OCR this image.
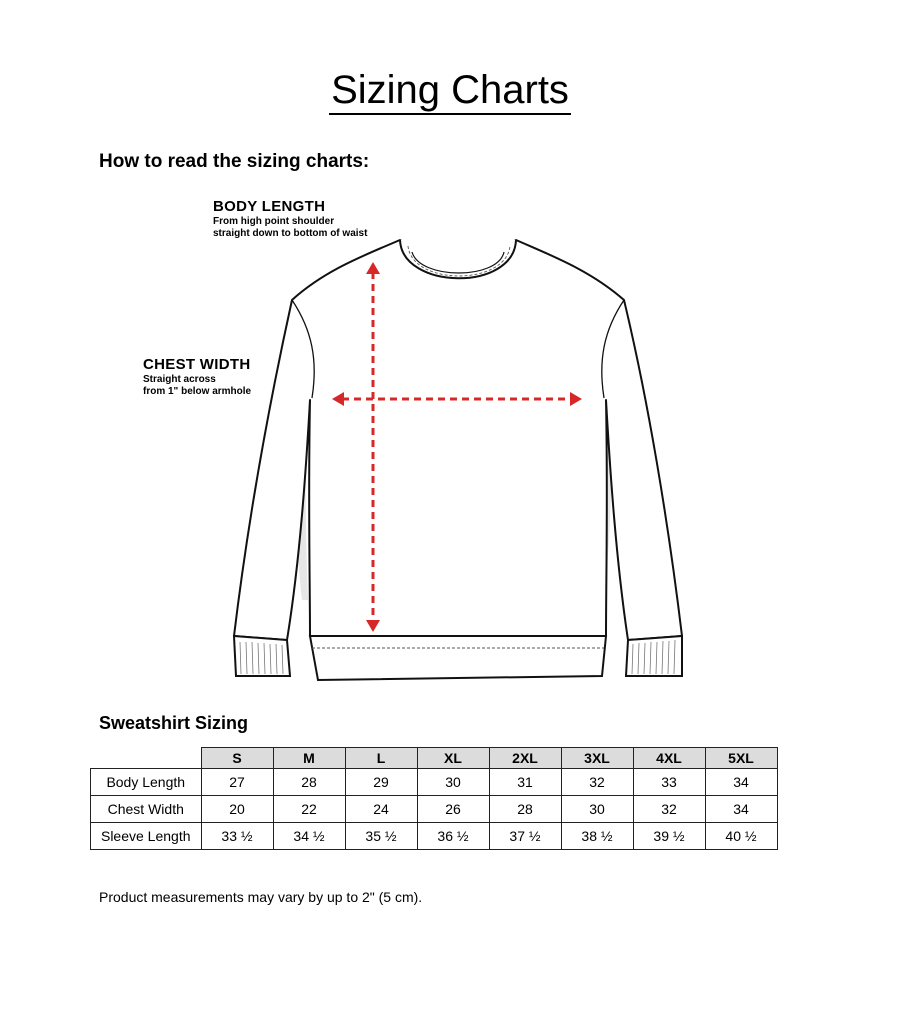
Sizing Charts

How to read the sizing charts:

BODY LENGTH
From high point shoulder
straight down to bottom of waist
CHEST WIDTH
Straight across
from 1" below armhole
Sweatshirt Sizing
	S	M	L	XL	2XL	3XL	4XL	5XL
Body Length	27	28	29	30	31	32	33	34
Chest Width	20	22	24	26	28	30	32	34
Sleeve Length	33 ½	34 ½	35 ½	36 ½	37 ½	38 ½	39 ½	40 ½

Product measurements may vary by up to 2" (5 cm).
